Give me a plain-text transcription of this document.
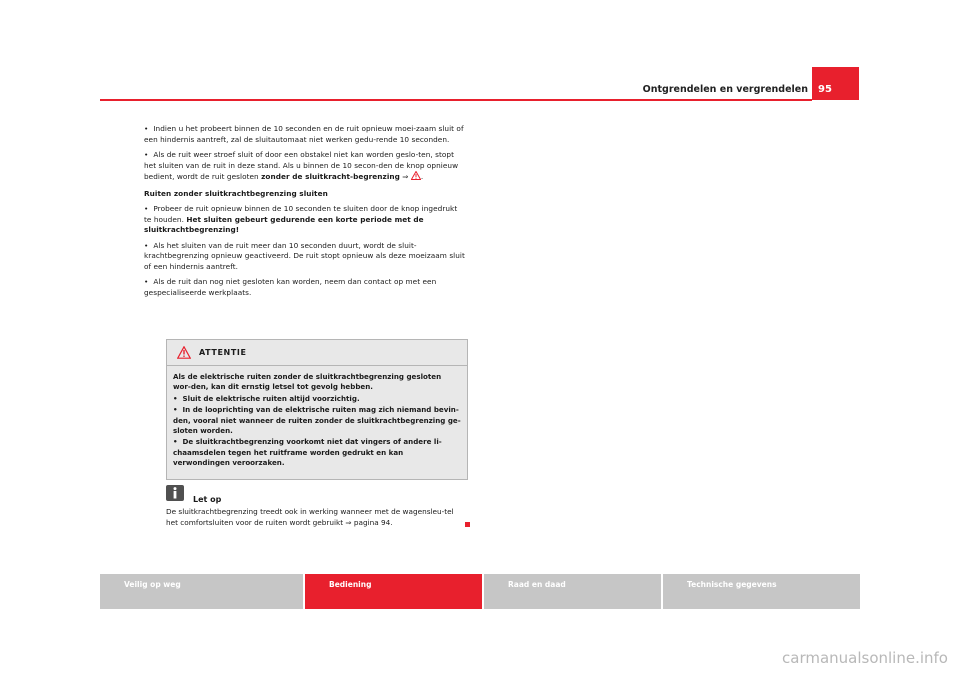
Ontgrendelen en vergrendelen	95

• Indien u het probeert binnen de 10 seconden en de ruit opnieuw moei-zaam sluit of een hindernis aantreft, zal de sluitautomaat niet werken gedu-rende 10 seconden.

• Als de ruit weer stroef sluit of door een obstakel niet kan worden geslo-ten, stopt het sluiten van de ruit in deze stand. Als u binnen de 10 secon-den de knop opnieuw bedient, wordt de ruit gesloten zonder de sluitkracht-begrenzing ⇒ .

Ruiten zonder sluitkrachtbegrenzing sluiten

• Probeer de ruit opnieuw binnen de 10 seconden te sluiten door de knop ingedrukt te houden. Het sluiten gebeurt gedurende een korte periode met de sluitkrachtbegrenzing!

• Als het sluiten van de ruit meer dan 10 seconden duurt, wordt de sluit-krachtbegrenzing opnieuw geactiveerd. De ruit stopt opnieuw als deze moeizaam sluit of een hindernis aantreft.

• Als de ruit dan nog niet gesloten kan worden, neem dan contact op met een gespecialiseerde werkplaats.

ATTENTIE

Als de elektrische ruiten zonder de sluitkrachtbegrenzing gesloten wor-den, kan dit ernstig letsel tot gevolg hebben.

• Sluit de elektrische ruiten altijd voorzichtig.

• In de looprichting van de elektrische ruiten mag zich niemand bevin-den, vooral niet wanneer de ruiten zonder de sluitkrachtbegrenzing ge-sloten worden.

• De sluitkrachtbegrenzing voorkomt niet dat vingers of andere li-chaamsdelen tegen het ruitframe worden gedrukt en kan verwondingen veroorzaken.

Let op

De sluitkrachtbegrenzing treedt ook in werking wanneer met de wagensleu-tel het comfortsluiten voor de ruiten wordt gebruikt ⇒ pagina 94.

Veilig op weg	Bediening	Raad en daad	Technische gegevens
carmanualsonline.info
